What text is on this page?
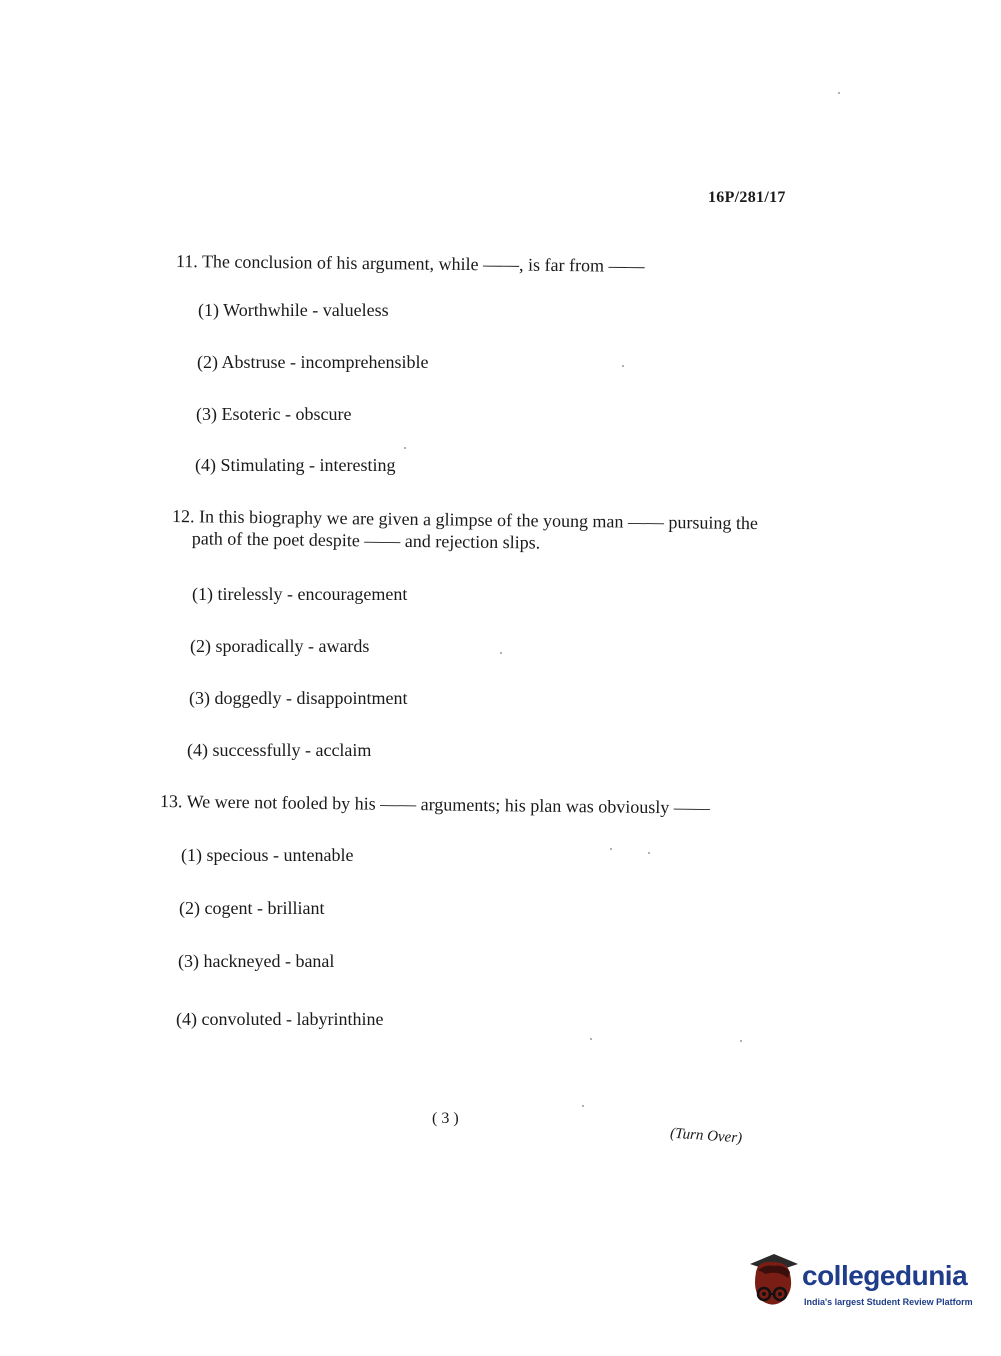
16P/281/17
11. The conclusion of his argument, while ——, is far from ——
(1) Worthwhile - valueless
(2) Abstruse - incomprehensible
(3) Esoteric - obscure
(4) Stimulating - interesting
12. In this biography we are given a glimpse of the young man —— pursuing the
path of the poet despite —— and rejection slips.
(1) tirelessly - encouragement
(2) sporadically - awards
(3) doggedly - disappointment
(4) successfully - acclaim
13. We were not fooled by his —— arguments; his plan was obviously ——
(1) specious - untenable
(2) cogent - brilliant
(3) hackneyed - banal
(4) convoluted - labyrinthine
( 3 )
(Turn Over)
collegedunia
India's largest Student Review Platform
